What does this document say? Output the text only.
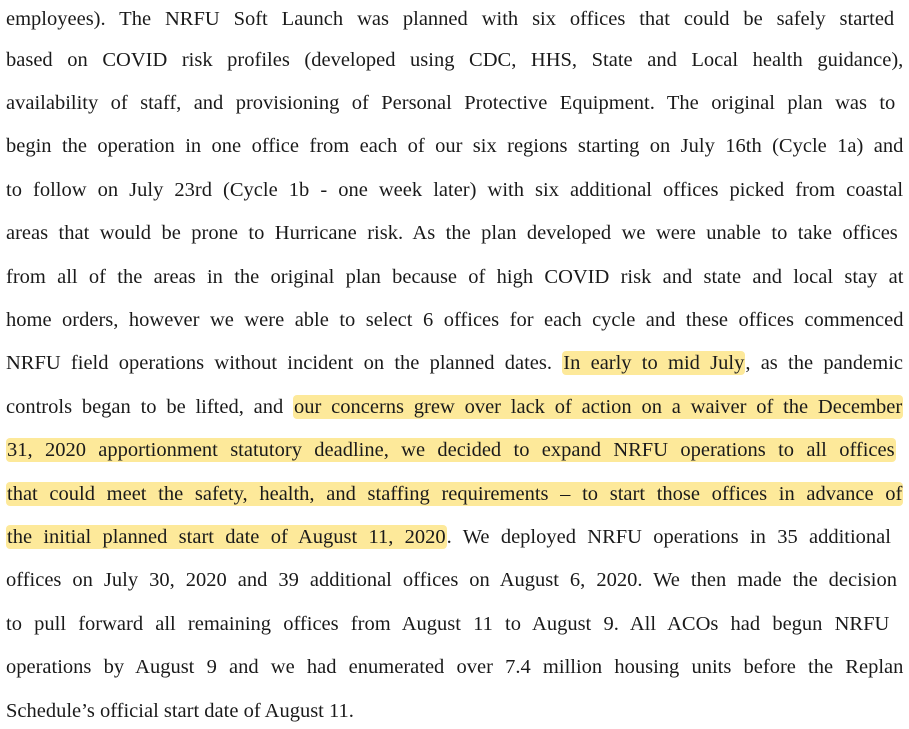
employees). The NRFU Soft Launch was planned with six offices that could be safely started
based on COVID risk profiles (developed using CDC, HHS, State and Local health guidance),
availability of staff, and provisioning of Personal Protective Equipment. The original plan was to
begin the operation in one office from each of our six regions starting on July 16th (Cycle 1a) and
to follow on July 23rd (Cycle 1b - one week later) with six additional offices picked from coastal
areas that would be prone to Hurricane risk. As the plan developed we were unable to take offices
from all of the areas in the original plan because of high COVID risk and state and local stay at
home orders, however we were able to select 6 offices for each cycle and these offices commenced
NRFU field operations without incident on the planned dates. In early to mid July, as the pandemic
controls began to be lifted, and our concerns grew over lack of action on a waiver of the December
31, 2020 apportionment statutory deadline, we decided to expand NRFU operations to all offices
that could meet the safety, health, and staffing requirements – to start those offices in advance of
the initial planned start date of August 11, 2020. We deployed NRFU operations in 35 additional
offices on July 30, 2020 and 39 additional offices on August 6, 2020. We then made the decision
to pull forward all remaining offices from August 11 to August 9. All ACOs had begun NRFU
operations by August 9 and we had enumerated over 7.4 million housing units before the Replan
Schedule’s official start date of August 11.
